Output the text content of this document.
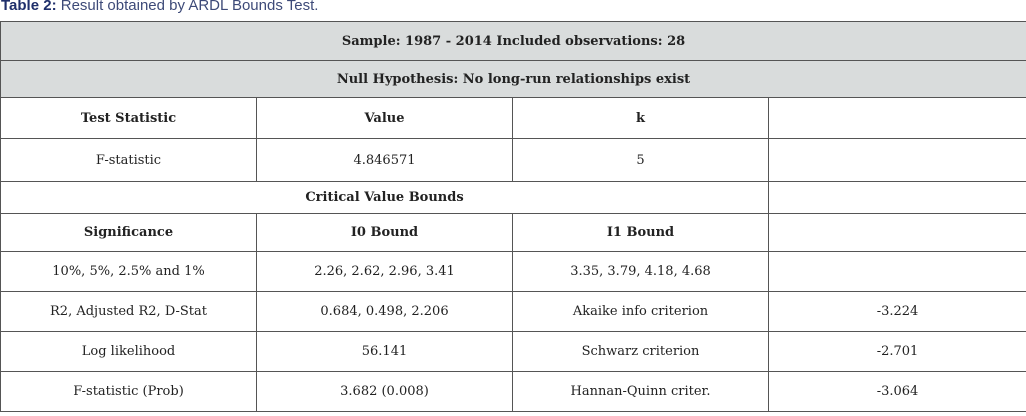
Table 2: Result obtained by ARDL Bounds Test.
Sample: 1987 - 2014 Included observations: 28			
Null Hypothesis: No long-run relationships exist			
Test Statistic	Value	k	
F-statistic	4.846571	5	
Critical Value Bounds			
Significance	I0 Bound	I1 Bound	
10%, 5%, 2.5% and 1%	2.26, 2.62, 2.96, 3.41	3.35, 3.79, 4.18, 4.68	
R2, Adjusted R2, D-Stat	0.684, 0.498, 2.206	Akaike info criterion	-3.224
Log likelihood	56.141	Schwarz criterion	-2.701
F-statistic (Prob)	3.682 (0.008)	Hannan-Quinn criter.	-3.064
